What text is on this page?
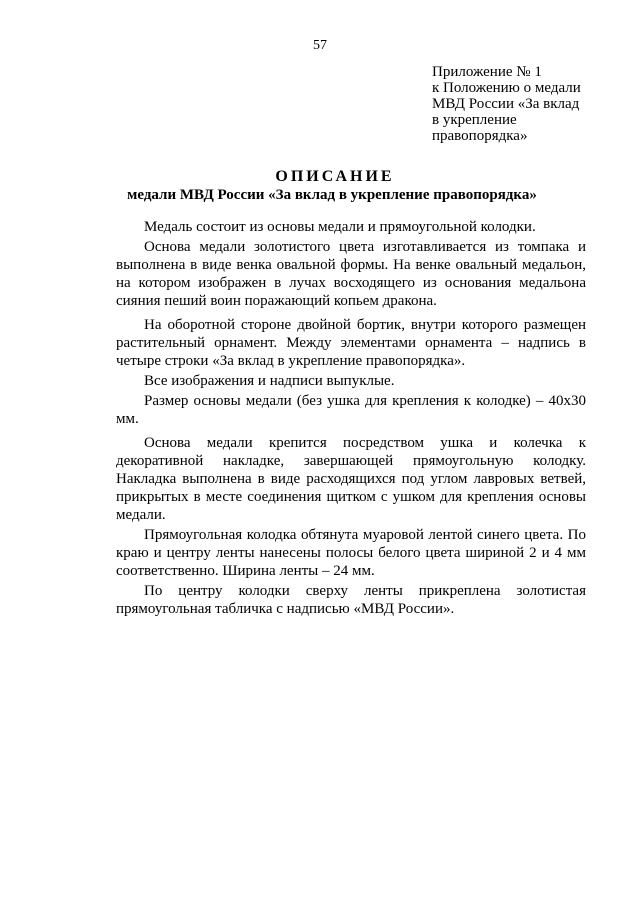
57
Приложение № 1
к Положению о медали
МВД России «За вклад
в укрепление
правопорядка»
ОПИСАНИЕ
медали МВД России «За вклад в укрепление правопорядка»

Медаль состоит из основы медали и прямоугольной колодки.

Основа медали золотистого цвета изготавливается из томпака и выполнена в виде венка овальной формы. На венке овальный медальон, на котором изображен в лучах восходящего из основания медальона сияния пеший воин поражающий копьем дракона.

На оборотной стороне двойной бортик, внутри которого размещен растительный орнамент. Между элементами орнамента – надпись в четыре строки «За вклад в укрепление правопорядка».

Все изображения и надписи выпуклые.

Размер основы медали (без ушка для крепления к колодке) – 40х30 мм.

Основа медали крепится посредством ушка и колечка к декоративной накладке, завершающей прямоугольную колодку. Накладка выполнена в виде расходящихся под углом лавровых ветвей, прикрытых в месте соединения щитком с ушком для крепления основы медали.

Прямоугольная колодка обтянута муаровой лентой синего цвета. По краю и центру ленты нанесены полосы белого цвета шириной 2 и 4 мм соответственно. Ширина ленты – 24 мм.

По центру колодки сверху ленты прикреплена золотистая прямоугольная табличка с надписью «МВД России».
